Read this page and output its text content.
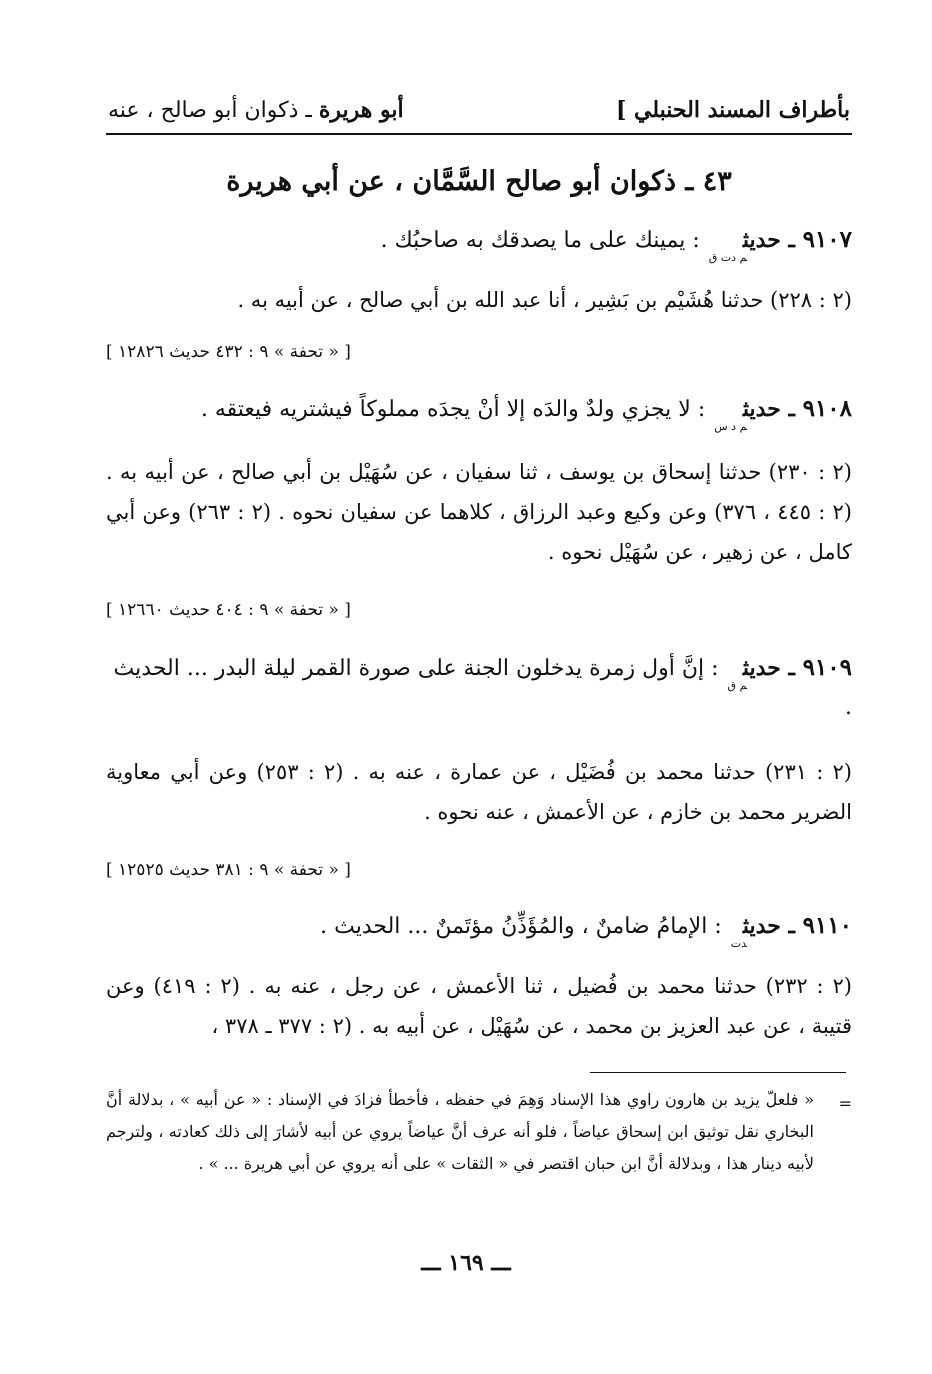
بأطراف المسند الحنبلي ]
أبو هريرة ـ ذكوان أبو صالح ، عنه
٤٣ ـ ذكوان أبو صالح السَّمَّان ، عن أبي هريرة
٩١٠٧ ـ حديث$_{م دت ق}$ : يمينك على ما يصدقك به صاحبُك .
(٢ : ٢٢٨) حدثنا هُشَيْم بن بَشِير ، أنا عبد الله بن أبي صالح ، عن أبيه به .
[ « تحفة » ٩ : ٤٣٢ حديث ١٢٨٢٦ ]
٩١٠٨ ـ حديث$_{م د س}$ : لا يجزي ولدٌ والدَه إلا أنْ يجدَه مملوكاً فيشتريه فيعتقه .
(٢ : ٢٣٠) حدثنا إسحاق بن يوسف ، ثنا سفيان ، عن سُهَيْل بن أبي صالح ، عن أبيه به . (٢ : ٤٤٥ ، ٣٧٦) وعن وكيع وعبد الرزاق ، كلاهما عن سفيان نحوه . (٢ : ٢٦٣) وعن أبي كامل ، عن زهير ، عن سُهَيْل نحوه .
[ « تحفة » ٩ : ٤٠٤ حديث ١٢٦٦٠ ]
٩١٠٩ ـ حديث$_{م ق}$ : إنَّ أول زمرة يدخلون الجنة على صورة القمر ليلة البدر ... الحديث .
(٢ : ٢٣١) حدثنا محمد بن فُضَيْل ، عن عمارة ، عنه به . (٢ : ٢٥٣) وعن أبي معاوية الضرير محمد بن خازم ، عن الأعمش ، عنه نحوه .
[ « تحفة » ٩ : ٣٨١ حديث ١٢٥٢٥ ]
٩١١٠ ـ حديث$_{دت}$ : الإمامُ ضامنٌ ، والمُؤَذِّنُ مؤتَمنٌ ... الحديث .
(٢ : ٢٣٢) حدثنا محمد بن فُضيل ، ثنا الأعمش ، عن رجل ، عنه به . (٢ : ٤١٩) وعن قتيبة ، عن عبد العزيز بن محمد ، عن سُهَيْل ، عن أبيه به . (٢ : ٣٧٧ ـ ٣٧٨ ،
=
« فلعلّ يزيد بن هارون راوي هذا الإسناد وَهِمَ في حفظه ، فأخطأ فزادَ في الإسناد : « عن أبيه » ، بدلالة أنَّ البخاري نقل توثيق ابن إسحاق عياضاً ، فلو أنه عرف أنَّ عياضاً يروي عن أبيه لأشارَ إلى ذلك كعادته ، ولترجم لأبيه دينار هذا ، وبدلالة أنَّ ابن حبان اقتصر في « الثقات » على أنه يروي عن أبي هريرة ... » .
ـــ ١٦٩ ـــ
